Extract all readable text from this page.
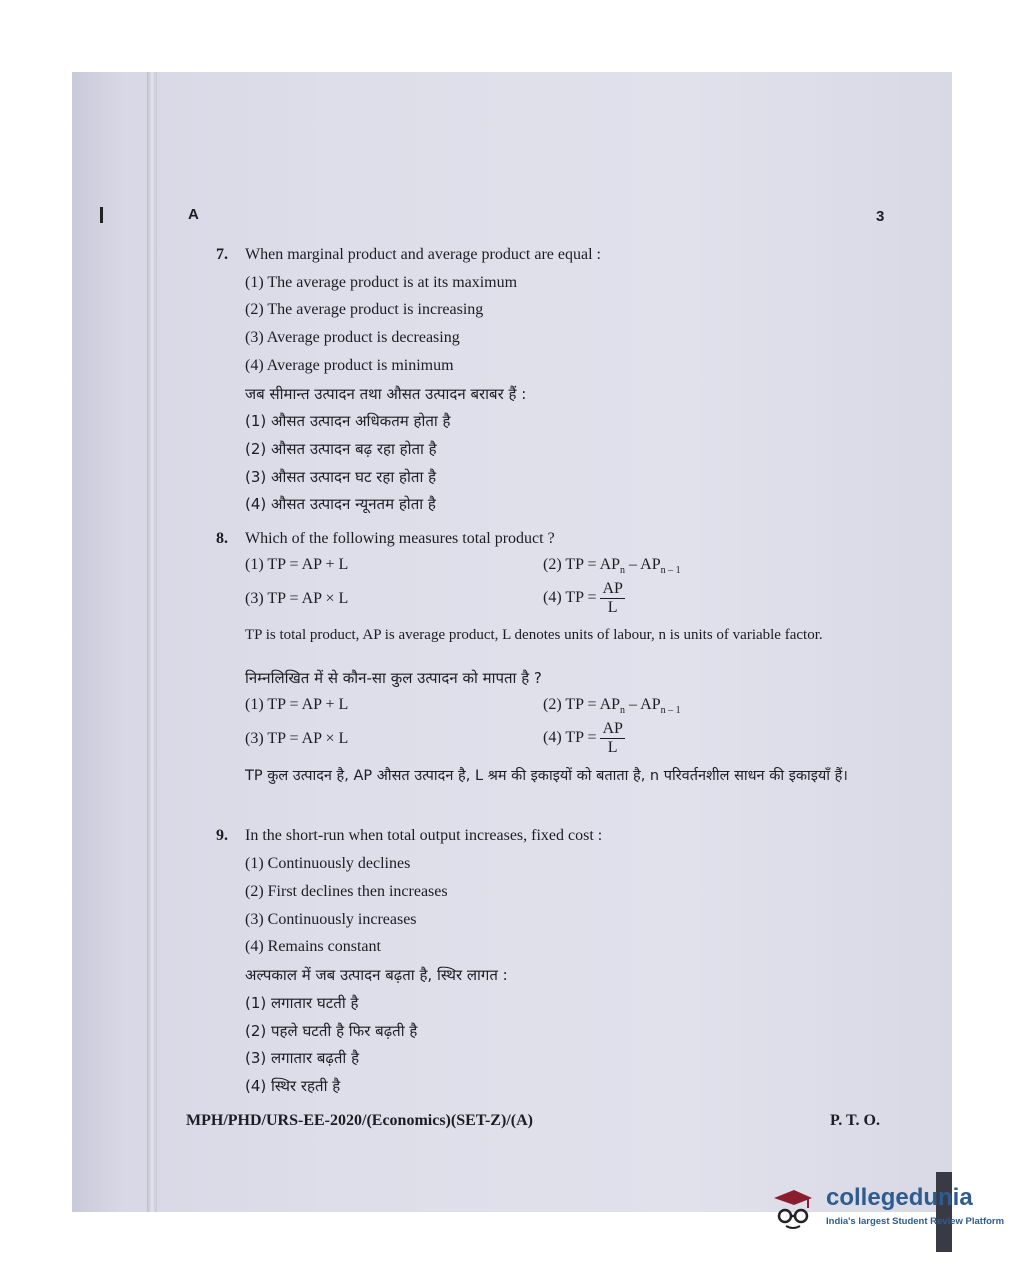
A	3
7. When marginal product and average product are equal :
(1) The average product is at its maximum
(2) The average product is increasing
(3) Average product is decreasing
(4) Average product is minimum
जब सीमान्त उत्पादन तथा औसत उत्पादन बराबर हैं :
(1) औसत उत्पादन अधिकतम होता है
(2) औसत उत्पादन बढ़ रहा होता है
(3) औसत उत्पादन घट रहा होता है
(4) औसत उत्पादन न्यूनतम होता है
8. Which of the following measures total product ?
(1) TP = AP + L	(2) TP = $AP_n - AP_{n - 1}$
(3) TP = AP × L	(4) TP = $\frac{AP}{L}$
TP is total product, AP is average product, L denotes units of labour, n is units of variable factor.
निम्नलिखित में से कौन-सा कुल उत्पादन को मापता है ?
(1) TP = AP + L	(2) TP = $AP_n - AP_{n - 1}$
(3) TP = AP × L	(4) TP = $\frac{AP}{L}$
TP कुल उत्पादन है, AP औसत उत्पादन है, L श्रम की इकाइयों को बताता है, n परिवर्तनशील साधन की इकाइयाँ हैं।
9. In the short-run when total output increases, fixed cost :
(1) Continuously declines
(2) First declines then increases
(3) Continuously increases
(4) Remains constant
अल्पकाल में जब उत्पादन बढ़ता है, स्थिर लागत :
(1) लगातार घटती है
(2) पहले घटती है फिर बढ़ती है
(3) लगातार बढ़ती है
(4) स्थिर रहती है
MPH/PHD/URS-EE-2020/(Economics)(SET-Z)/(A)	P. T. O.
collegedunia
India's largest Student Review Platform
